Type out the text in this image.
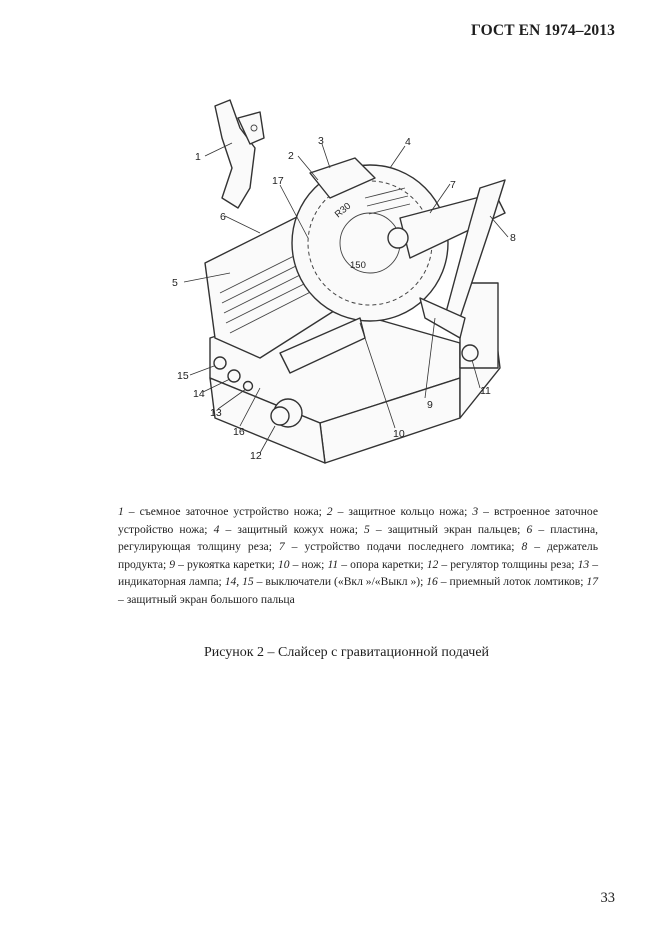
ГОСТ EN 1974–2013
R30
150
1	2
3	4
5
6
7
8
9
10
11
12
13
14
15
16
17
1 – съемное заточное устройство ножа; 2 – защитное кольцо ножа; 3 – встроенное заточное устройство ножа; 4 – защитный кожух ножа; 5 – защитный экран пальцев; 6 – пластина, регулирующая толщину реза; 7 – устройство подачи последнего ломтика; 8 – держатель продукта; 9 – рукоятка каретки; 10 – нож; 11 – опора каретки; 12 – регулятор толщины реза; 13 – индикаторная лампа; 14, 15 – выключатели («Вкл »/«Выкл »); 16 – приемный лоток ломтиков; 17 – защитный экран большого пальца
Рисунок 2 – Слайсер с гравитационной подачей
33
